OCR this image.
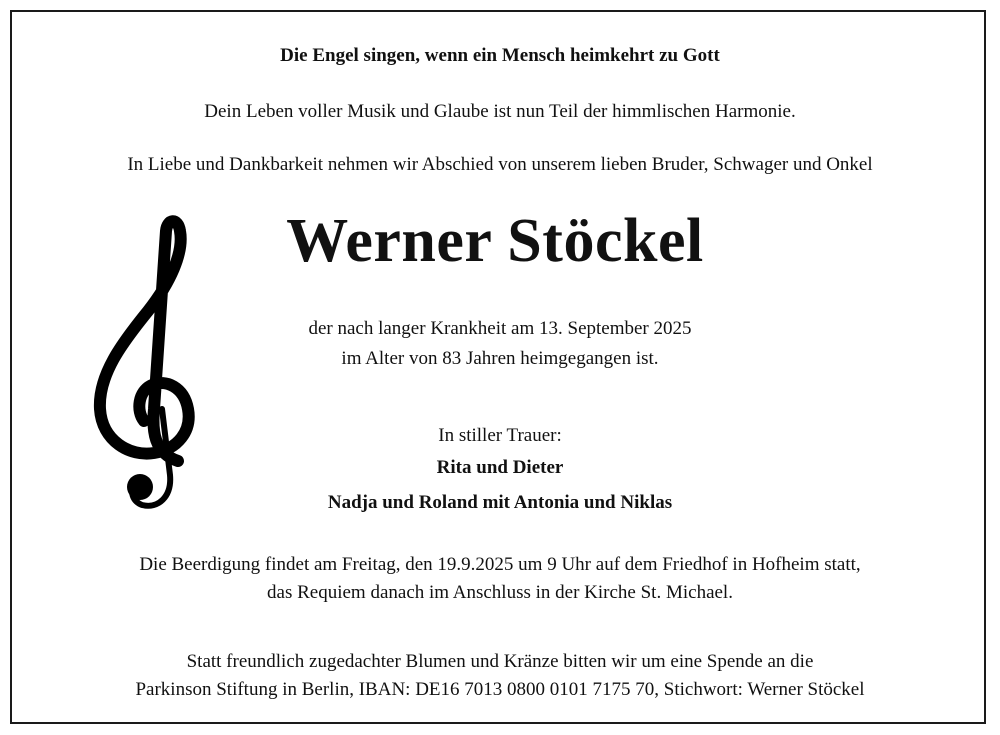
Die Engel singen, wenn ein Mensch heimkehrt zu Gott
Dein Leben voller Musik und Glaube ist nun Teil der himmlischen Harmonie.
In Liebe und Dankbarkeit nehmen wir Abschied von unserem lieben Bruder, Schwager und Onkel
Werner Stöckel
der nach langer Krankheit am 13. September 2025
im Alter von 83 Jahren heimgegangen ist.
In stiller Trauer:
Rita und Dieter
Nadja und Roland mit Antonia und Niklas
Die Beerdigung findet am Freitag, den 19.9.2025 um 9 Uhr auf dem Friedhof in Hofheim statt,
das Requiem danach im Anschluss in der Kirche St. Michael.
Statt freundlich zugedachter Blumen und Kränze bitten wir um eine Spende an die
Parkinson Stiftung in Berlin, IBAN: DE16 7013 0800 0101 7175 70, Stichwort: Werner Stöckel
